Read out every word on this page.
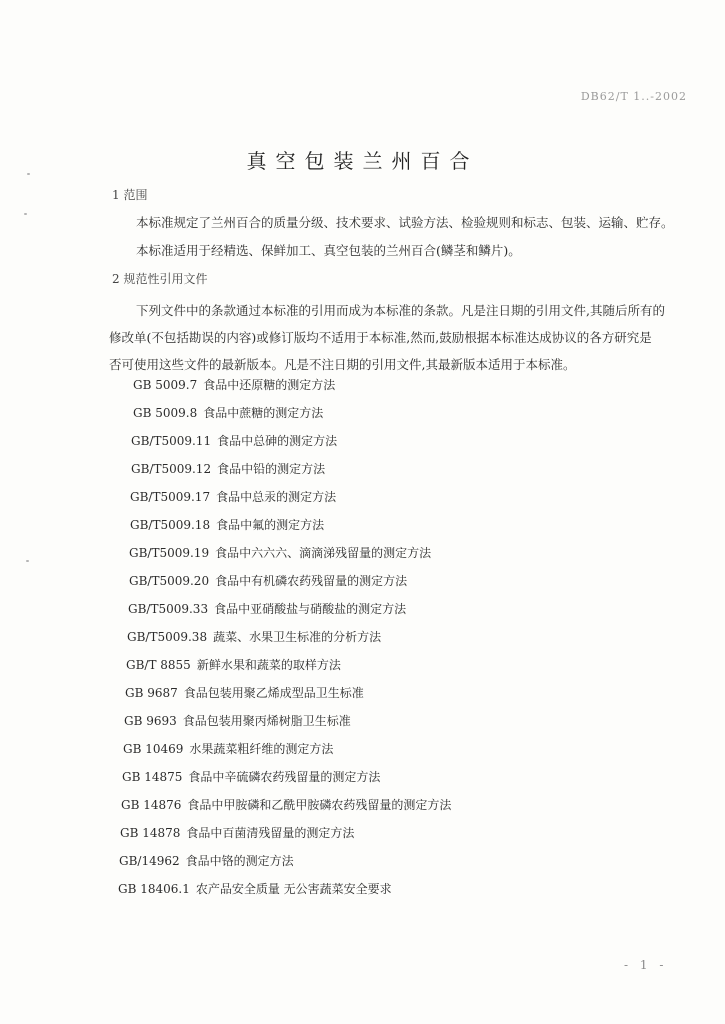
DB62/T 1..-2002
真空包装兰州百合
1 范围
本标准规定了兰州百合的质量分级、技术要求、试验方法、检验规则和标志、包装、运输、贮存。
本标准适用于经精选、保鲜加工、真空包装的兰州百合(鳞茎和鳞片)。
2 规范性引用文件
下列文件中的条款通过本标准的引用而成为本标准的条款。凡是注日期的引用文件,其随后所有的
修改单(不包括勘误的内容)或修订版均不适用于本标准,然而,鼓励根据本标准达成协议的各方研究是
否可使用这些文件的最新版本。凡是不注日期的引用文件,其最新版本适用于本标准。
GB 5009.7 食品中还原糖的测定方法
GB 5009.8 食品中蔗糖的测定方法
GB/T5009.11 食品中总砷的测定方法
GB/T5009.12 食品中铅的测定方法
GB/T5009.17 食品中总汞的测定方法
GB/T5009.18 食品中氟的测定方法
GB/T5009.19 食品中六六六、滴滴涕残留量的测定方法
GB/T5009.20 食品中有机磷农药残留量的测定方法
GB/T5009.33 食品中亚硝酸盐与硝酸盐的测定方法
GB/T5009.38 蔬菜、水果卫生标准的分析方法
GB/T 8855 新鲜水果和蔬菜的取样方法
GB 9687 食品包装用聚乙烯成型品卫生标准
GB 9693 食品包装用聚丙烯树脂卫生标准
GB 10469 水果蔬菜粗纤维的测定方法
GB 14875 食品中辛硫磷农药残留量的测定方法
GB 14876 食品中甲胺磷和乙酰甲胺磷农药残留量的测定方法
GB 14878 食品中百菌清残留量的测定方法
GB/14962 食品中铬的测定方法
GB 18406.1 农产品安全质量 无公害蔬菜安全要求
- 1 -
